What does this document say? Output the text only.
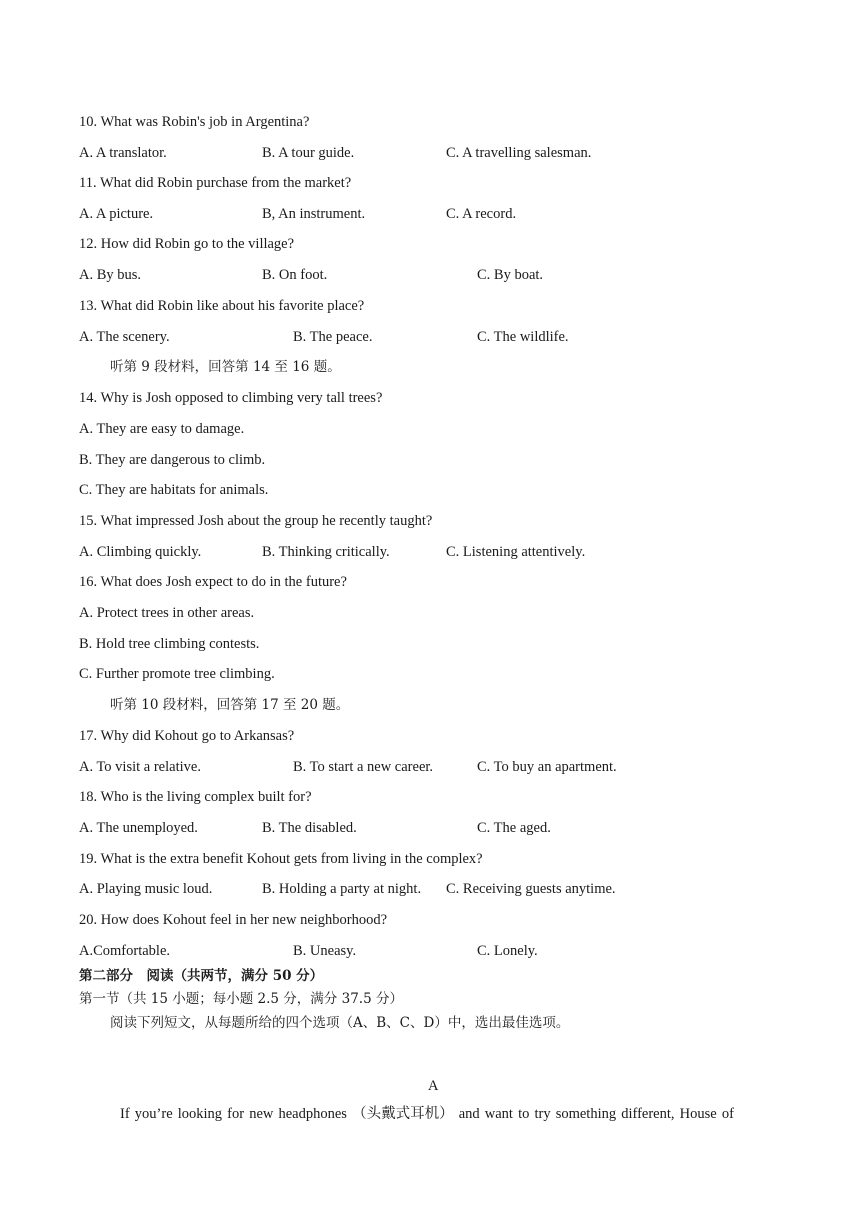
10. What was Robin's job in Argentina?
A. A translator.	B. A tour guide.	C. A travelling salesman.
11. What did Robin purchase from the market?
A. A picture.	B, An instrument.	C. A record.
12. How did Robin go to the village?
A. By bus.	B. On foot.	C. By boat.
13. What did Robin like about his favorite place?
A. The scenery.	B. The peace.	C. The wildlife.
听第 9 段材料，回答第 14 至 16 题。
14. Why is Josh opposed to climbing very tall trees?
A. They are easy to damage.
B. They are dangerous to climb.
C. They are habitats for animals.
15. What impressed Josh about the group he recently taught?
A. Climbing quickly.	B. Thinking critically.	C. Listening attentively.
16. What does Josh expect to do in the future?
A. Protect trees in other areas.
B. Hold tree climbing contests.
C. Further promote tree climbing.
听第 10 段材料，回答第 17 至 20 题。
17. Why did Kohout go to Arkansas?
A. To visit a relative.	B. To start a new career.	C. To buy an apartment.
18. Who is the living complex built for?
A. The unemployed.	B. The disabled.	C. The aged.
19. What is the extra benefit Kohout gets from living in the complex?
A. Playing music loud.	B. Holding a party at night. C. Receiving guests anytime.
20. How does Kohout feel in her new neighborhood?
A.Comfortable.	B. Uneasy.	C. Lonely.
第二部分　阅读（共两节，满分 50 分）
第一节（共 15 小题；每小题 2.5 分，满分 37.5 分）
阅读下列短文，从每题所给的四个选项（A、B、C、D）中，选出最佳选项。
A
If you’re looking for new headphones （头戴式耳机） and want to try something different, House of
